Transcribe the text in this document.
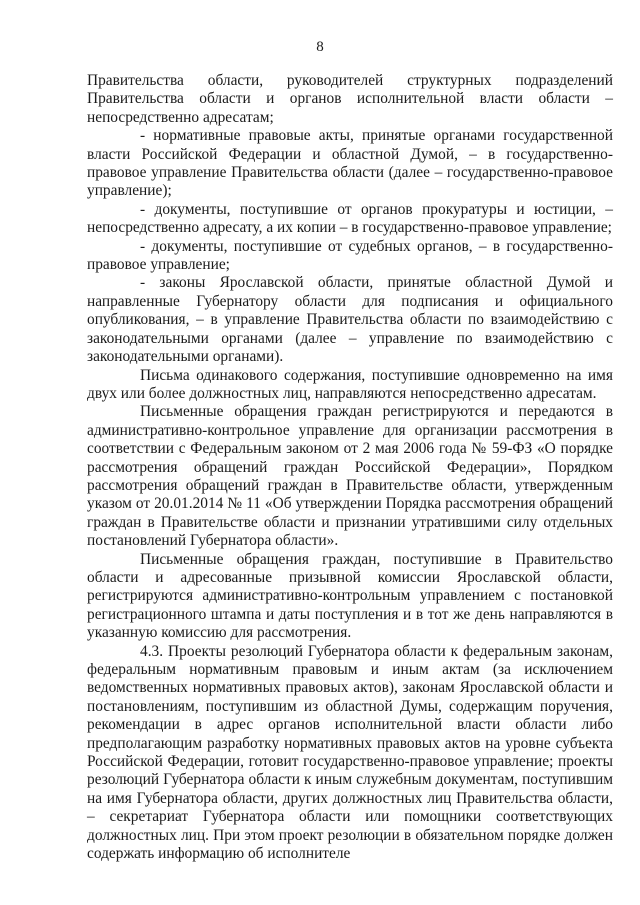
8

Правительства области, руководителей структурных подразделений Правительства области и органов исполнительной власти области – непосредственно адресатам;

- нормативные правовые акты, принятые органами государственной власти Российской Федерации и областной Думой, – в государственно-правовое управление Правительства области (далее – государственно-правовое управление);

- документы, поступившие от органов прокуратуры и юстиции, – непосредственно адресату, а их копии – в государственно-правовое управление;

- документы, поступившие от судебных органов, – в государственно-правовое управление;

- законы Ярославской области, принятые областной Думой и направленные Губернатору области для подписания и официального опубликования, – в управление Правительства области по взаимодействию с законодательными органами (далее – управление по взаимодействию с законодательными органами).

Письма одинакового содержания, поступившие одновременно на имя двух или более должностных лиц, направляются непосредственно адресатам.

Письменные обращения граждан регистрируются и передаются в административно-контрольное управление для организации рассмотрения в соответствии с Федеральным законом от 2 мая 2006 года № 59-ФЗ «О порядке рассмотрения обращений граждан Российской Федерации», Порядком рассмотрения обращений граждан в Правительстве области, утвержденным указом от 20.01.2014 № 11 «Об утверждении Порядка рассмотрения обращений граждан в Правительстве области и признании утратившими силу отдельных постановлений Губернатора области».

Письменные обращения граждан, поступившие в Правительство области и адресованные призывной комиссии Ярославской области, регистрируются административно-контрольным управлением с постановкой регистрационного штампа и даты поступления и в тот же день направляются в указанную комиссию для рассмотрения.

4.3. Проекты резолюций Губернатора области к федеральным законам, федеральным нормативным правовым и иным актам (за исключением ведомственных нормативных правовых актов), законам Ярославской области и постановлениям, поступившим из областной Думы, содержащим поручения, рекомендации в адрес органов исполнительной власти области либо предполагающим разработку нормативных правовых актов на уровне субъекта Российской Федерации, готовит государственно-правовое управление; проекты резолюций Губернатора области к иным служебным документам, поступившим на имя Губернатора области, других должностных лиц Правительства области, – секретариат Губернатора области или помощники соответствующих должностных лиц. При этом проект резолюции в обязательном порядке должен содержать информацию об исполнителе
